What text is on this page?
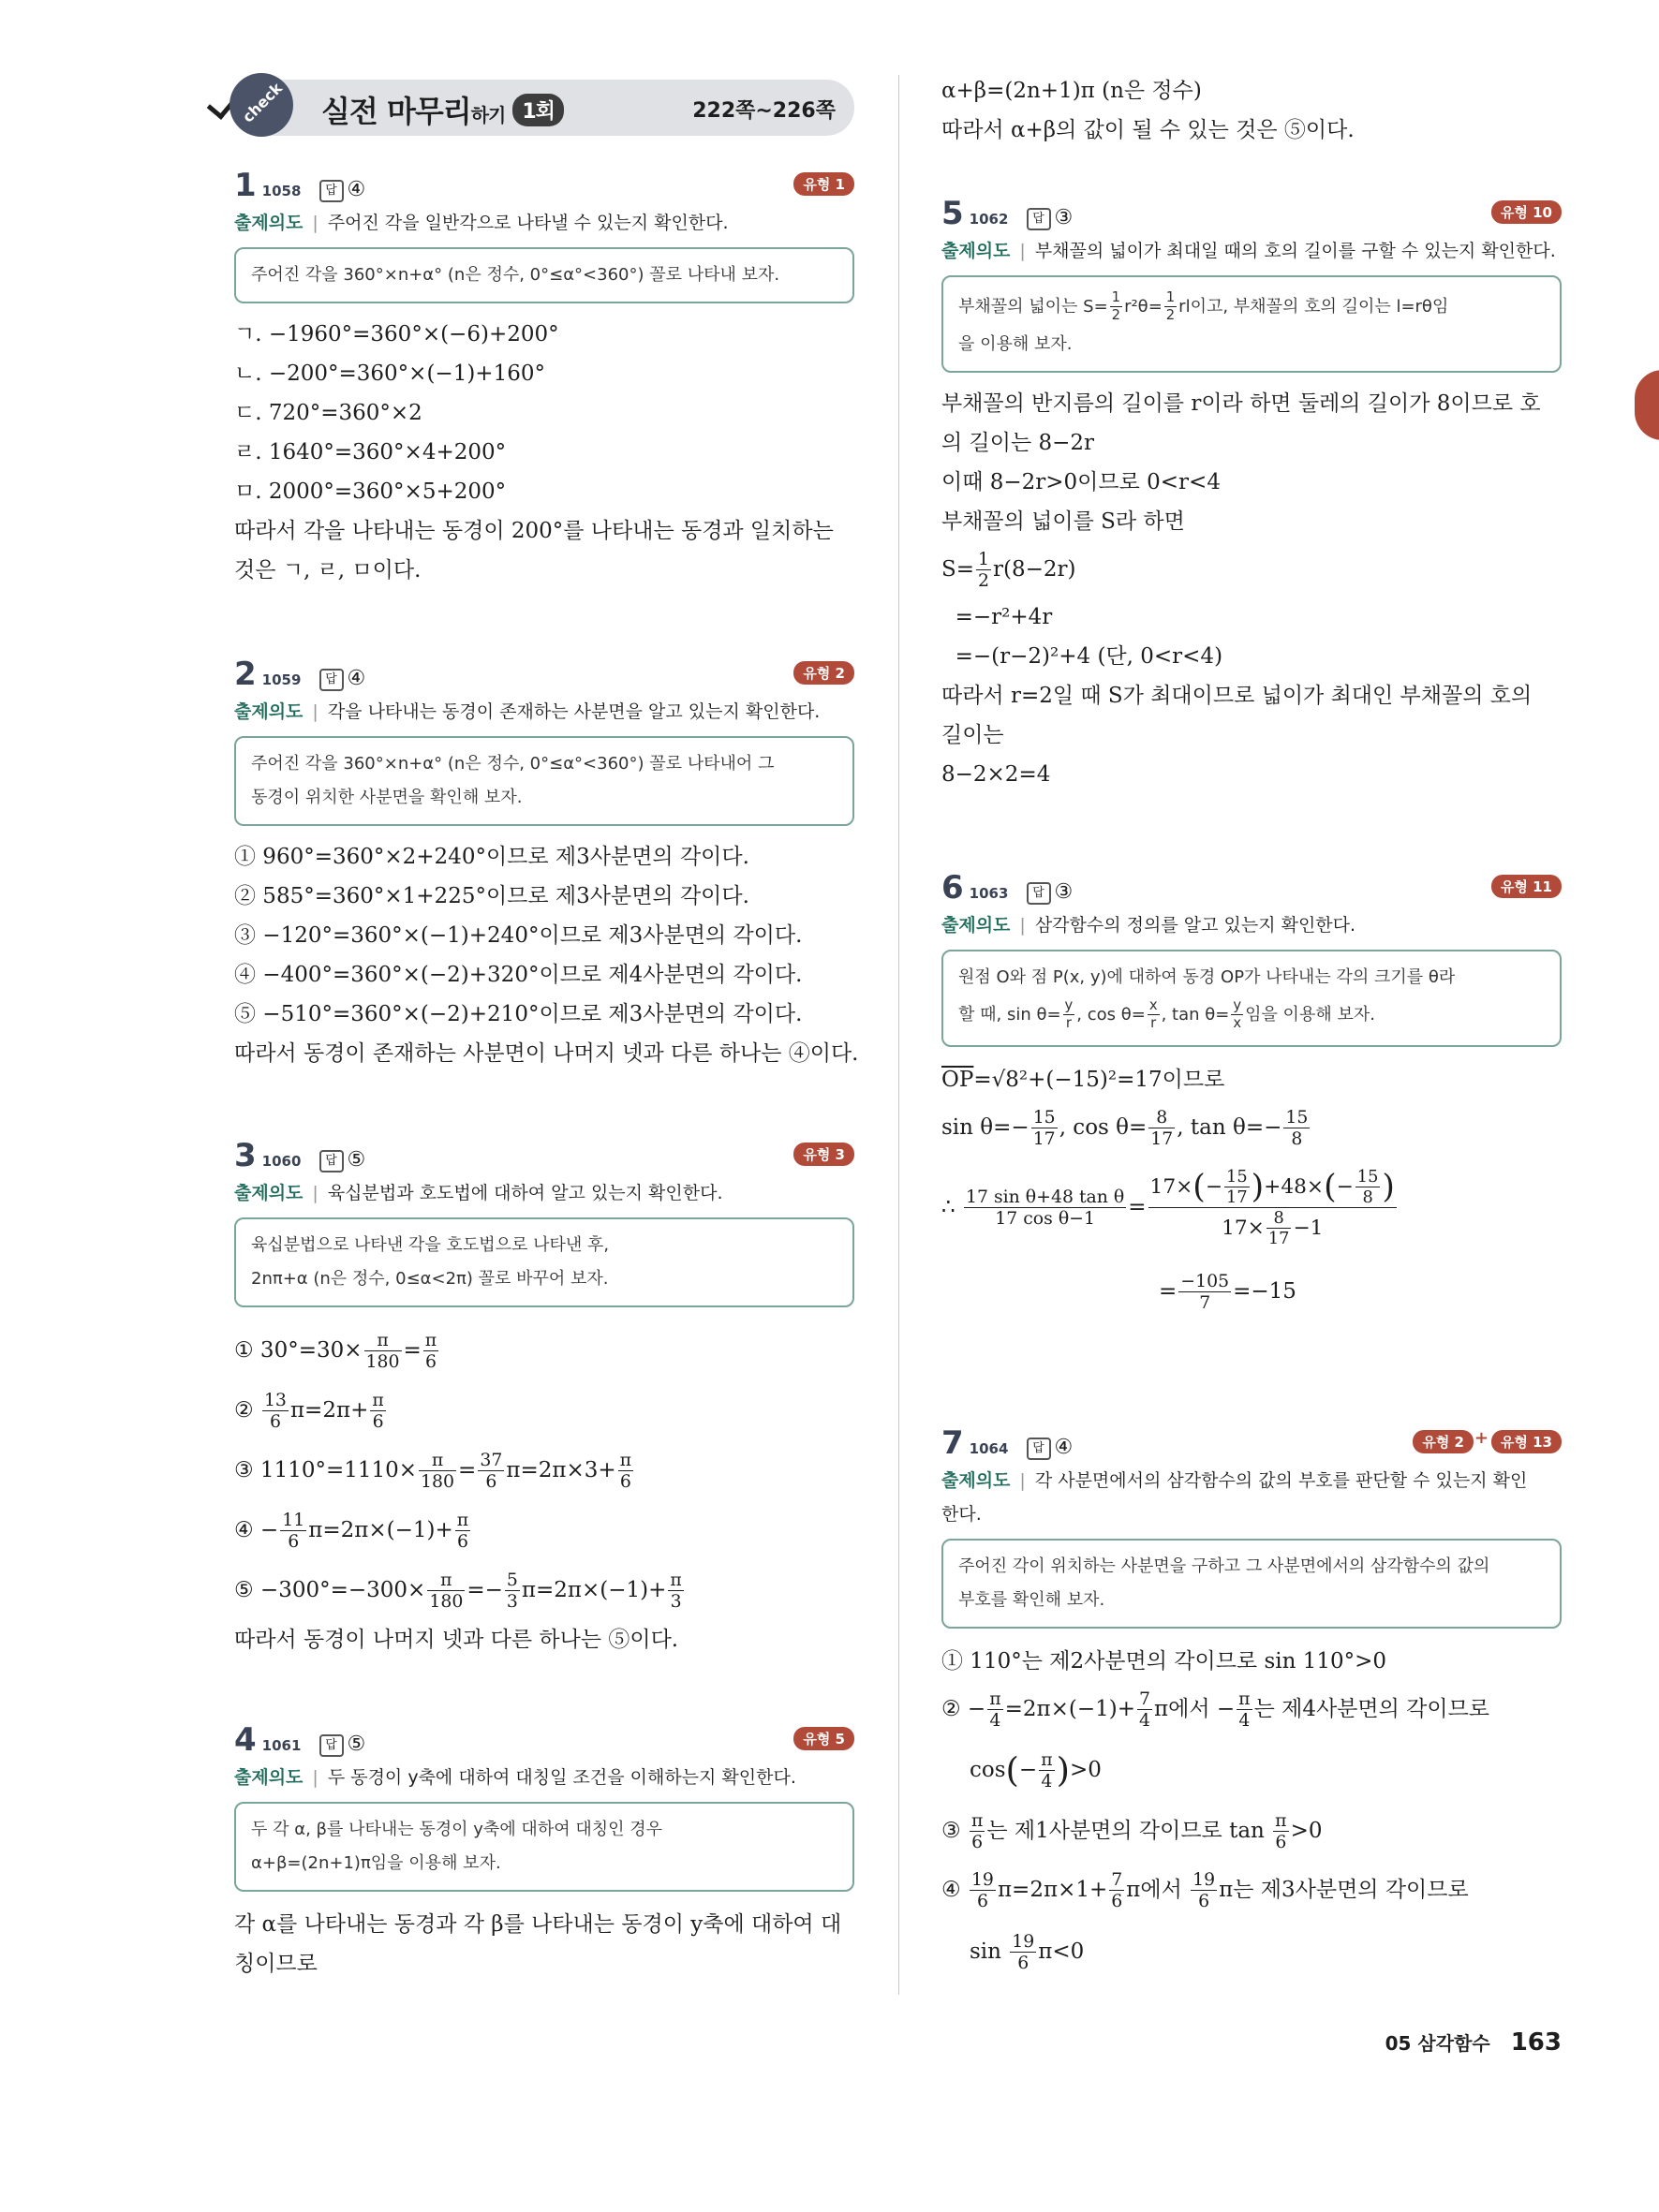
check 실전 마무리하기 1회	222쪽~226쪽
1 1058 답 ④	유형 1
출제의도 | 주어진 각을 일반각으로 나타낼 수 있는지 확인한다.
주어진 각을 360°×n+α° (n은 정수, 0°≤α°<360°) 꼴로 나타내 보자.
ㄱ. −1960°=360°×(−6)+200°
ㄴ. −200°=360°×(−1)+160°
ㄷ. 720°=360°×2
ㄹ. 1640°=360°×4+200°
ㅁ. 2000°=360°×5+200°
따라서 각을 나타내는 동경이 200°를 나타내는 동경과 일치하는
것은 ㄱ, ㄹ, ㅁ이다.
2 1059 답 ④	유형 2
출제의도 | 각을 나타내는 동경이 존재하는 사분면을 알고 있는지 확인한다.
주어진 각을 360°×n+α° (n은 정수, 0°≤α°<360°) 꼴로 나타내어 그
동경이 위치한 사분면을 확인해 보자.
① 960°=360°×2+240°이므로 제3사분면의 각이다.
② 585°=360°×1+225°이므로 제3사분면의 각이다.
③ −120°=360°×(−1)+240°이므로 제3사분면의 각이다.
④ −400°=360°×(−2)+320°이므로 제4사분면의 각이다.
⑤ −510°=360°×(−2)+210°이므로 제3사분면의 각이다.
따라서 동경이 존재하는 사분면이 나머지 넷과 다른 하나는 ④이다.
3 1060 답 ⑤	유형 3
출제의도 | 육십분법과 호도법에 대하여 알고 있는지 확인한다.
육십분법으로 나타낸 각을 호도법으로 나타낸 후,
2nπ+α (n은 정수, 0≤α<2π) 꼴로 바꾸어 보자.
① $30^\circ=30\times \frac{\pi}{180} = \frac{\pi}{6}$
② $\frac{13}{6} \pi=2\pi+ \frac{\pi}{6}$
③ $1110^\circ=1110\times \frac{\pi}{180} = \frac{37}{6} \pi=2\pi\times 3+ \frac{\pi}{6}$
④ − $\frac{11}{6} \pi=2\pi\times(-1)+ \frac{\pi}{6}$
⑤ $-300^\circ=-300\times \frac{\pi}{180} =- \frac{5}{3} \pi=2\pi\times(-1)+ \frac{\pi}{3}$
따라서 동경이 나머지 넷과 다른 하나는 ⑤이다.
4 1061 답 ⑤	유형 5
출제의도 | 두 동경이 y축에 대하여 대칭일 조건을 이해하는지 확인한다.
두 각 α, β를 나타내는 동경이 y축에 대하여 대칭인 경우
α+β=(2n+1)π임을 이용해 보자.
각 α를 나타내는 동경과 각 β를 나타내는 동경이 y축에 대하여 대
칭이므로
α+β=(2n+1)π (n은 정수)
따라서 α+β의 값이 될 수 있는 것은 ⑤이다.
5 1062 답 ③	유형 10
출제의도 | 부채꼴의 넓이가 최대일 때의 호의 길이를 구할 수 있는지 확인한다.
부채꼴의 넓이는 $S= \frac{1}{2} r^2\theta= \frac{1}{2}$ rl이고, 부채꼴의 호의 길이는 l=rθ임
을 이용해 보자.
부채꼴의 반지름의 길이를 r이라 하면 둘레의 길이가 8이므로 호
의 길이는 8−2r
이때 8−2r>0이므로 0<r<4
부채꼴의 넓이를 S라 하면
$S= \frac{1}{2} r(8-2r)$
=−r²+4r
=−(r−2)²+4 (단, 0<r<4)
따라서 r=2일 때 S가 최대이므로 넓이가 최대인 부채꼴의 호의
길이는
8−2×2=4
6 1063 답 ③	유형 11
출제의도 | 삼각함수의 정의를 알고 있는지 확인한다.
원점 O와 점 P(x, y)에 대하여 동경 OP가 나타내는 각의 크기를 θ라
할 때, $\sin \theta= \frac{y}{r}$ , $\cos \theta= \frac{x}{r}$ , $\tan \theta= \frac{y}{x}$ 임을 이용해 보자.
$\overline{OP}=√8^2+(-15)^2=17$이므로
$\sin \theta=- \frac{15}{17}$ , $\cos \theta= \frac{8}{17}$ , $\tan \theta=- \frac{15}{8}$
∴ $\frac{\text{17 sin θ+48 tan θ}}{\text{17 cos θ−1}} = \frac{17\times(- \frac{15}{17} )+48\times(- \frac{15}{8} )}{17\times \frac{8}{17} -1}$
= $\frac{-105}{7} =-15$
7 1064 답 ④	유형 2 + 유형 13
출제의도 | 각 사분면에서의 삼각함수의 값의 부호를 판단할 수 있는지 확인
한다.
주어진 각이 위치하는 사분면을 구하고 그 사분면에서의 삼각함수의 값의
부호를 확인해 보자.
① 110°는 제2사분면의 각이므로 sin 110°>0
② − $\frac{\pi}{4} =2\pi\times(-1)+ \frac{7}{4}$ π에서 − $\frac{\pi}{4}$ 는 제4사분면의 각이므로
$\cos(- \frac{\pi}{4} )>0$
③ $\frac{\pi}{6}$ 는 제1사분면의 각이므로 $\tan \frac{\pi}{6} >0$
④ $\frac{19}{6} \pi=2\pi\times 1+ \frac{7}{6}$ π에서 $\frac{19}{6}$ π는 제3사분면의 각이므로
$\sin \frac{19}{6} \pi<0$
05 삼각함수 163
